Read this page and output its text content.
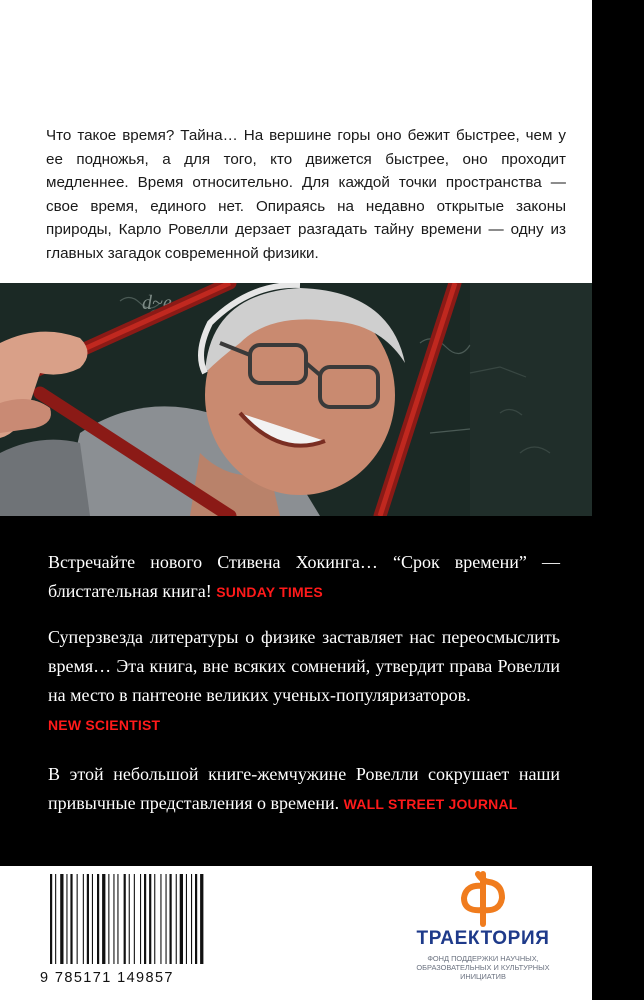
Что такое время? Тайна… На вершине горы оно бежит быстрее, чем у ее подножья, а для того, кто движется быстрее, оно проходит медленнее. Время относительно. Для каждой точки пространства — свое время, единого нет. Опираясь на недавно открытые законы природы, Карло Ровелли дерзает разгадать тайну времени — одну из главных загадок современной физики.

d~e
Встречайте нового Стивена Хокинга… “Срок времени” — блистательная книга! SUNDAY TIMES
Суперзвезда литературы о физике заставляет нас переосмыслить время… Эта книга, вне всяких сомнений, утвердит права Ровелли на место в пантеоне великих ученых-популяризаторов.
NEW SCIENTIST
В этой небольшой книге-жемчужине Ровелли сокрушает наши привычные представления о времени. WALL STREET JOURNAL
9 785171 149857
ТРАЕКТОРИЯ
ФОНД ПОДДЕРЖКИ НАУЧНЫХ, ОБРАЗОВАТЕЛЬНЫХ И КУЛЬТУРНЫХ ИНИЦИАТИВ
